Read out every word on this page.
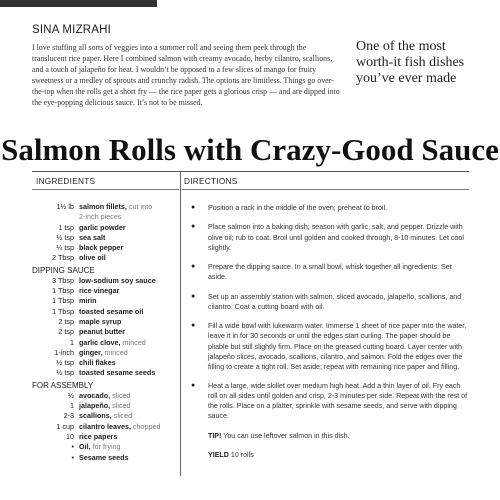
SINA MIZRAHI

I love stuffing all sorts of veggies into a summer roll and seeing them peek through the translucent rice paper. Here I combined salmon with creamy avocado, herby cilantro, scallions, and a touch of jalapeño for heat. I wouldn’t be opposed to a few slices of mango for fruity sweetness or a medley of sprouts and crunchy radish. The options are limitless. Things go over-the-top when the rolls get a short fry — the rice paper gets a glorious crisp — and are dipped into the eye-popping delicious sauce. It’s not to be missed.

One of the most worth-it fish dishes you’ve ever made

Salmon Rolls with Crazy-Good Sauce
INGREDIENTS	DIRECTIONS
1½ lb salmon fillets, cut into
2-inch pieces
1 tsp garlic powder
½ tsp sea salt
¼ tsp black pepper
2 Tbsp olive oil
DIPPING SAUCE
3 Tbsp low-sodium soy sauce
1 Tbsp rice vinegar
1 Tbsp mirin
1 Tbsp toasted sesame oil
2 tsp maple syrup
2 tsp peanut butter
1 garlic clove, minced
1-inch ginger, minced
½ tsp chili flakes
½ tsp toasted sesame seeds
FOR ASSEMBLY
½ avocado, sliced
1 jalapeño, sliced
2-3 scallions, sliced
1 cup cilantro leaves, chopped
10 rice papers
• Oil, for frying
• Sesame seeds

● Position a rack in the middle of the oven; preheat to broil.

● Place salmon into a baking dish; season with garlic, salt, and pepper. Drizzle with olive oil; rub to coat. Broil until golden and cooked through, 8-10 minutes. Let cool slightly.

● Prepare the dipping sauce. In a small bowl, whisk together all ingredients. Set aside.

● Set up an assembly station with salmon, sliced avocado, jalapeño, scallions, and cilantro. Coat a cutting board with oil.

● Fill a wide bowl with lukewarm water. Immerse 1 sheet of rice paper into the water, leave it in for 30 seconds or until the edges start curling. The paper should be pliable but still slightly firm. Place on the greased cutting board. Layer center with jalapeño slices, avocado, scallions, cilantro, and salmon. Fold the edges over the filling to create a tight roll. Set aside; repeat with remaining rice paper and filling.

● Heat a large, wide skillet over medium high heat. Add a thin layer of oil. Fry each roll on all sides until golden and crisp, 2-3 minutes per side. Repeat with the rest of the rolls. Place on a platter, sprinkle with sesame seeds, and serve with dipping sauce.

TIP! You can use leftover salmon in this dish.

YIELD 10 rolls
